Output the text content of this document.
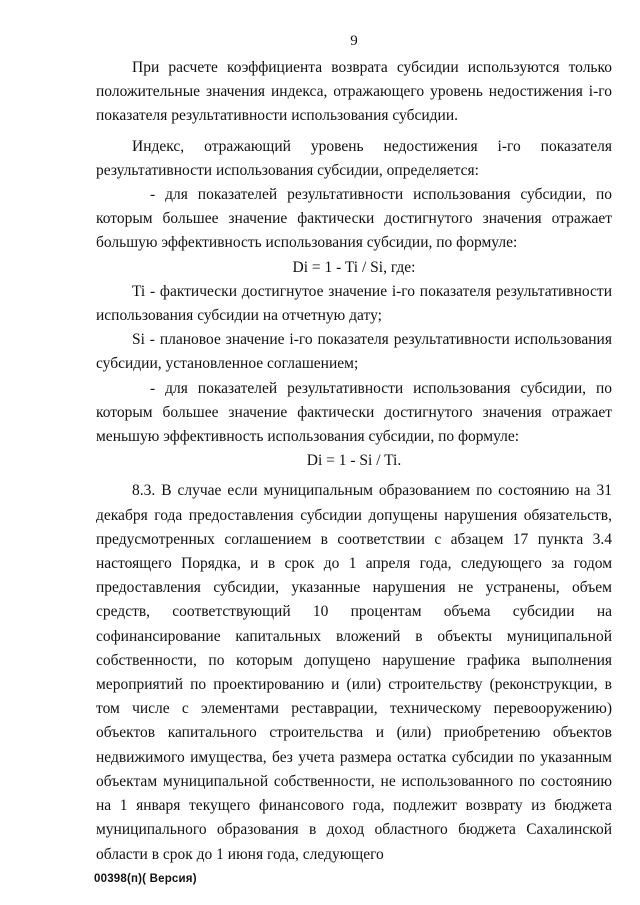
9

При расчете коэффициента возврата субсидии используются только положительные значения индекса, отражающего уровень недостижения i-го показателя результативности использования субсидии.

Индекс, отражающий уровень недостижения i-го показателя результативности использования субсидии, определяется:

- для показателей результативности использования субсидии, по которым большее значение фактически достигнутого значения отражает большую эффективность использования субсидии, по формуле:

Di = 1 - Ti / Si, где:

Ti - фактически достигнутое значение i-го показателя результативности использования субсидии на отчетную дату;

Si - плановое значение i-го показателя результативности использования субсидии, установленное соглашением;

- для показателей результативности использования субсидии, по которым большее значение фактически достигнутого значения отражает меньшую эффективность использования субсидии, по формуле:

Di = 1 - Si / Ti.

8.3. В случае если муниципальным образованием по состоянию на 31 декабря года предоставления субсидии допущены нарушения обязательств, предусмотренных соглашением в соответствии с абзацем 17 пункта 3.4 настоящего Порядка, и в срок до 1 апреля года, следующего за годом предоставления субсидии, указанные нарушения не устранены, объем средств, соответствующий 10 процентам объема субсидии на софинансирование капитальных вложений в объекты муниципальной собственности, по которым допущено нарушение графика выполнения мероприятий по проектированию и (или) строительству (реконструкции, в том числе с элементами реставрации, техническому перевооружению) объектов капитального строительства и (или) приобретению объектов недвижимого имущества, без учета размера остатка субсидии по указанным объектам муниципальной собственности, не использованного по состоянию на 1 января текущего финансового года, подлежит возврату из бюджета муниципального образования в доход областного бюджета Сахалинской области в срок до 1 июня года, следующего

00398(п)( Версия)
